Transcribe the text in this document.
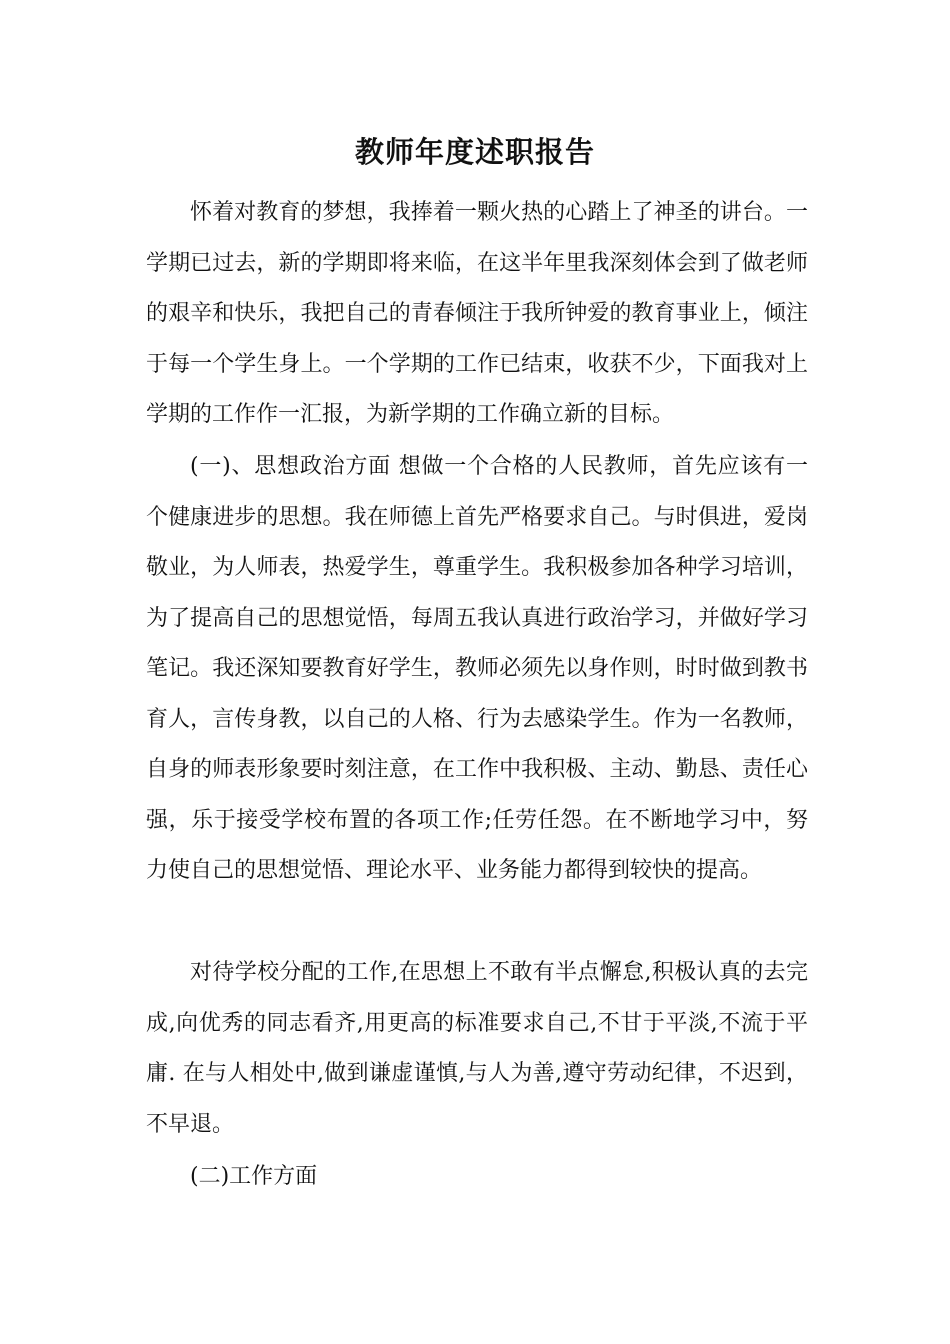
教师年度述职报告

怀着对教育的梦想，我捧着一颗火热的心踏上了神圣的讲台。一学期已过去，新的学期即将来临，在这半年里我深刻体会到了做老师的艰辛和快乐，我把自己的青春倾注于我所钟爱的教育事业上，倾注于每一个学生身上。一个学期的工作已结束，收获不少，下面我对上学期的工作作一汇报，为新学期的工作确立新的目标。

(一)、思想政治方面 想做一个合格的人民教师，首先应该有一个健康进步的思想。我在师德上首先严格要求自己。与时俱进，爱岗敬业，为人师表，热爱学生，尊重学生。我积极参加各种学习培训，为了提高自己的思想觉悟，每周五我认真进行政治学习，并做好学习笔记。我还深知要教育好学生，教师必须先以身作则，时时做到教书育人，言传身教，以自己的人格、行为去感染学生。作为一名教师，自身的师表形象要时刻注意，在工作中我积极、主动、勤恳、责任心强，乐于接受学校布置的各项工作;任劳任怨。在不断地学习中，努力使自己的思想觉悟、理论水平、业务能力都得到较快的提高。

对待学校分配的工作,在思想上不敢有半点懈怠,积极认真的去完成,向优秀的同志看齐,用更高的标准要求自己,不甘于平淡,不流于平庸. 在与人相处中,做到谦虚谨慎,与人为善,遵守劳动纪律，不迟到，不早退。

(二)工作方面
